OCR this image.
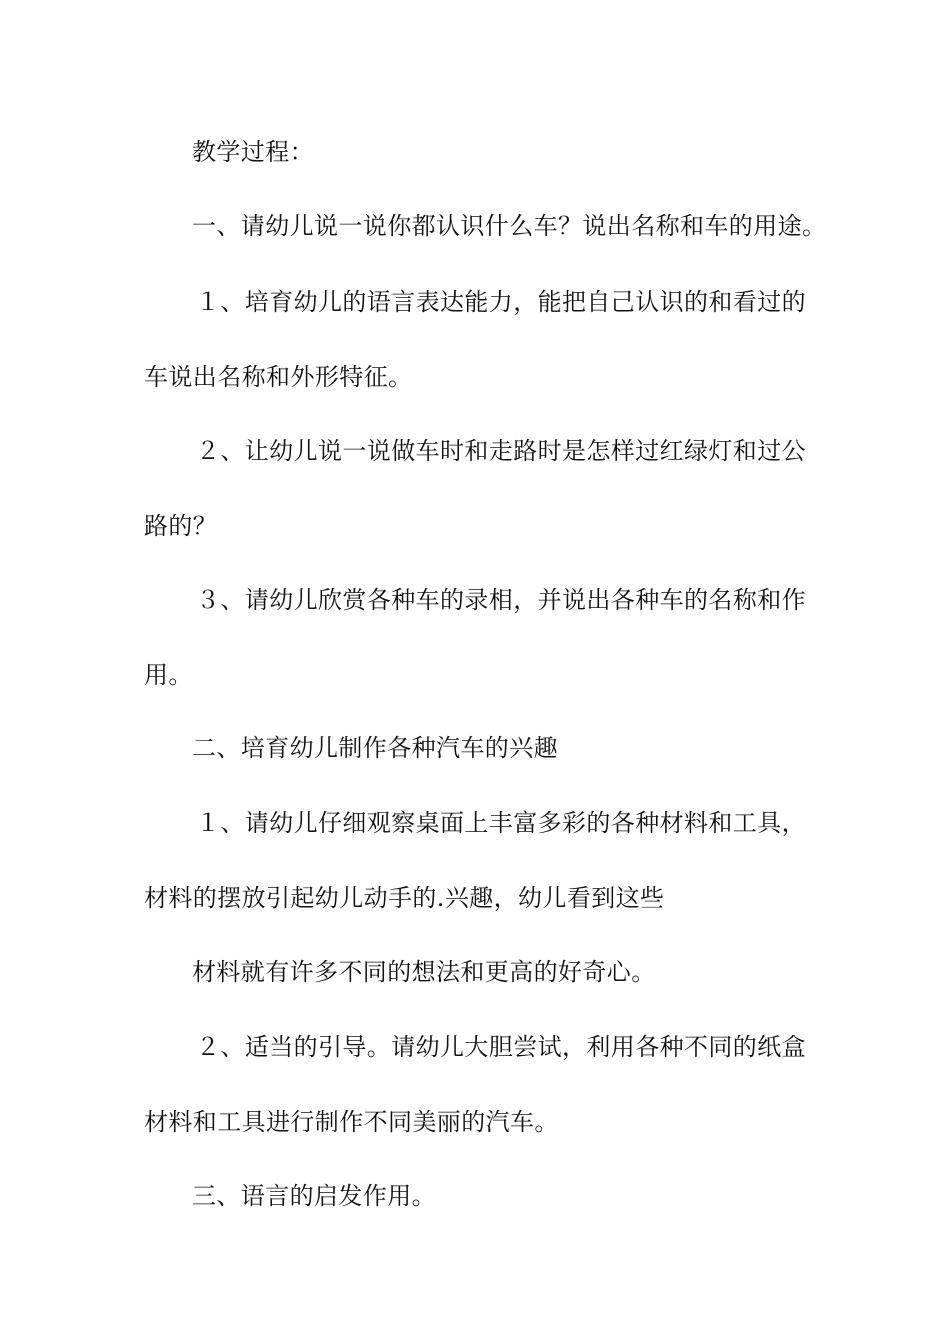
教学过程：
一、请幼儿说一说你都认识什么车？说出名称和车的用途。
１、培育幼儿的语言表达能力，能把自己认识的和看过的
车说出名称和外形特征。
２、让幼儿说一说做车时和走路时是怎样过红绿灯和过公
路的？
３、请幼儿欣赏各种车的录相，并说出各种车的名称和作
用。
二、培育幼儿制作各种汽车的兴趣
１、请幼儿仔细观察桌面上丰富多彩的各种材料和工具，
材料的摆放引起幼儿动手的.兴趣，幼儿看到这些
材料就有许多不同的想法和更高的好奇心。
２、适当的引导。请幼儿大胆尝试，利用各种不同的纸盒
材料和工具进行制作不同美丽的汽车。
三、语言的启发作用。
